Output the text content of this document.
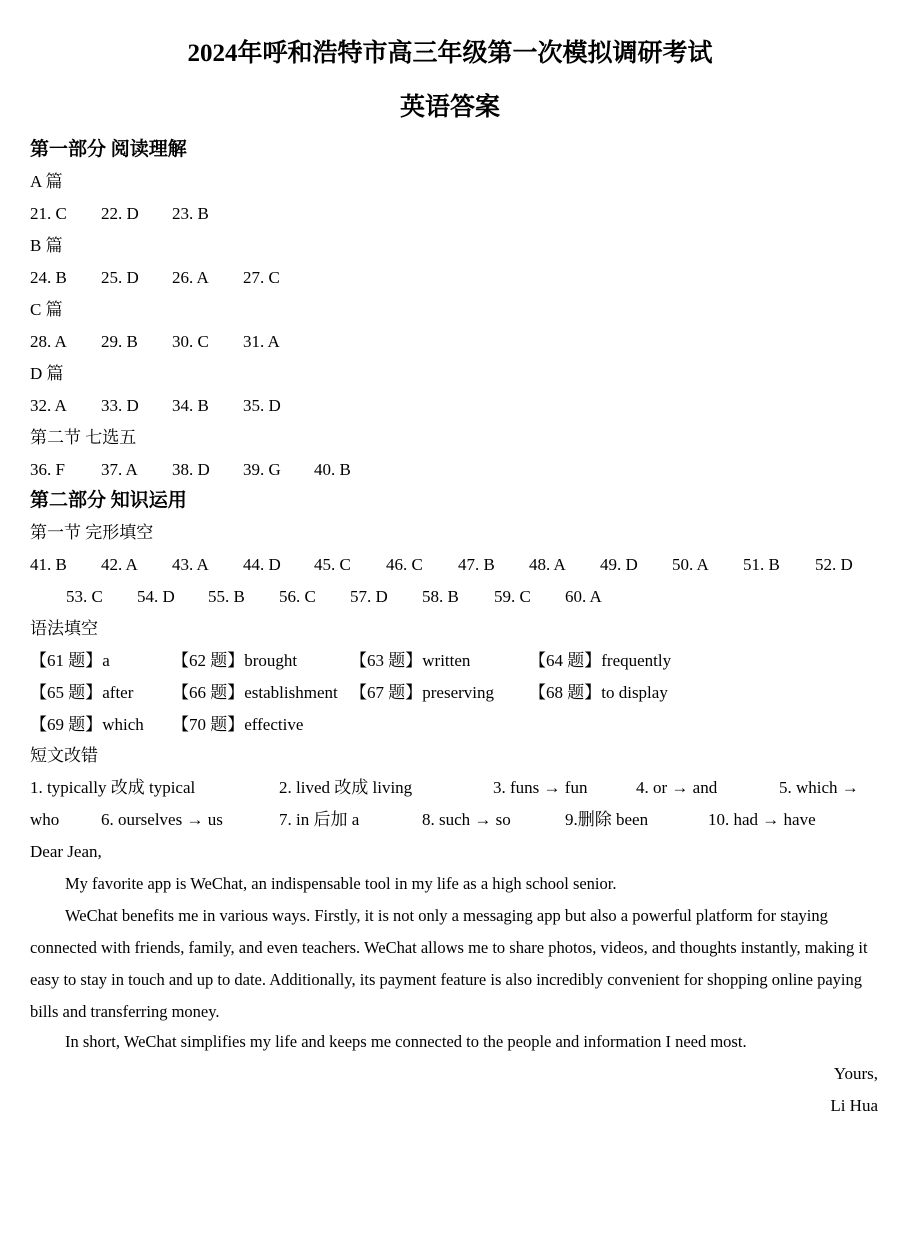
2024年呼和浩特市高三年级第一次模拟调研考试
英语答案
第一部分 阅读理解
A 篇
21. C 22. D 23. B
B 篇
24. B 25. D 26. A 27. C
C 篇
28. A 29. B 30. C 31. A
D 篇
32. A 33. D 34. B 35. D
第二节 七选五
36. F 37. A 38. D 39. G 40. B
第二部分 知识运用
第一节 完形填空
41. B 42. A 43. A 44. D 45. C 46. C 47. B 48. A 49. D 50. A 51. B 52. D
53. C 54. D 55. B 56. C 57. D 58. B 59. C 60. A
语法填空
【61 题】a	【62 题】brought	【63 题】written	【64 题】frequently
【65 题】after 【66 题】establishment 【67 题】preserving 【68 题】to display
【69 题】which 【70 题】effective
短文改错
1. typically 改成 typical	2. lived 改成 living	3. funs → fun	4. or → and	5. which →
who 6. ourselves → us	7. in 后加 a	8. such → so	9.删除 been	10. had → have
Dear Jean,
My favorite app is WeChat, an indispensable tool in my life as a high school senior.
WeChat benefits me in various ways. Firstly, it is not only a messaging app but also a powerful platform for staying connected with friends, family, and even teachers. WeChat allows me to share photos, videos, and thoughts instantly, making it easy to stay in touch and up to date. Additionally, its payment feature is also incredibly convenient for shopping online paying bills and transferring money.
In short, WeChat simplifies my life and keeps me connected to the people and information I need most.
Yours,
Li Hua
